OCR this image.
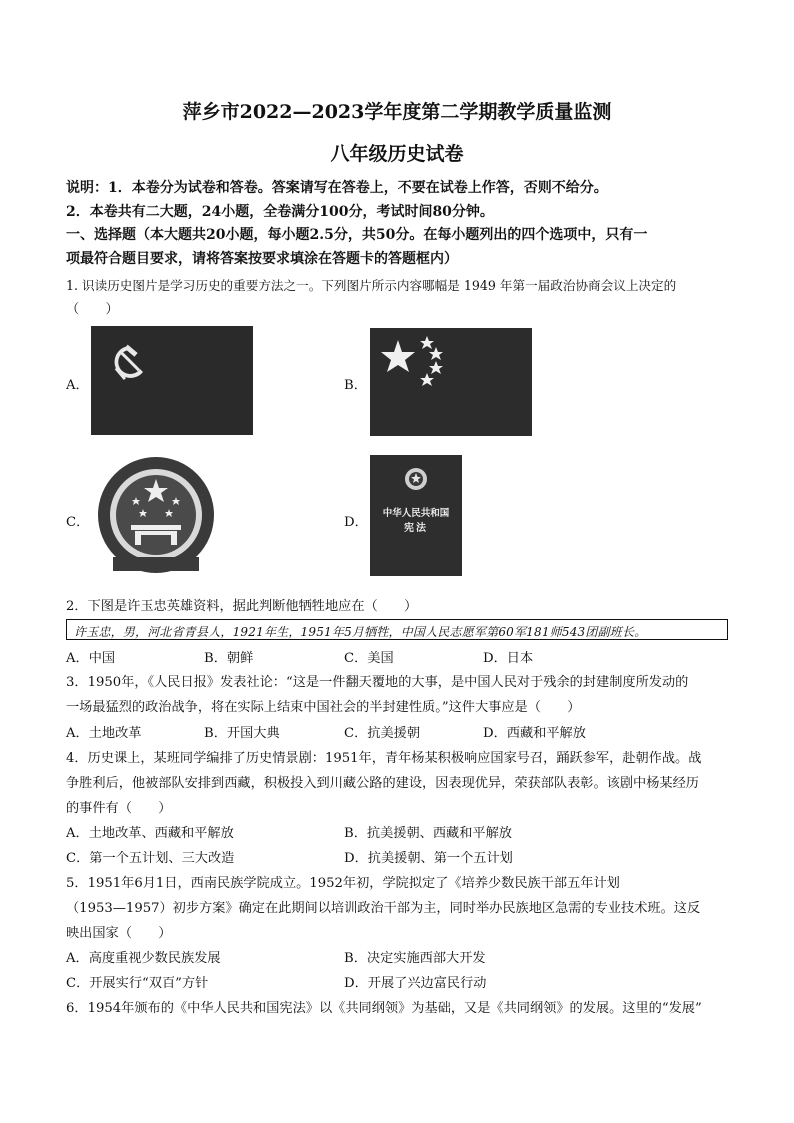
萍乡市2022—2023学年度第二学期教学质量监测
八年级历史试卷
说明：1．本卷分为试卷和答卷。答案请写在答卷上，不要在试卷上作答，否则不给分。
2．本卷共有二大题，24小题，全卷满分100分，考试时间80分钟。
一、选择题（本大题共20小题，每小题2.5分，共50分。在每小题列出的四个选项中，只有一
项最符合题目要求，请将答案按要求填涂在答题卡的答题框内）
1. 识读历史图片是学习历史的重要方法之一。下列图片所示内容哪幅是 1949 年第一届政治协商会议上决定的
（　　）
A．	B．
C．	D．
中华人民共和国
宪法
2．下图是许玉忠英雄资料，据此判断他牺牲地应在（　　）
许玉忠，男，河北省青县人，1921年生，1951年5月牺牲，中国人民志愿军第60军181师543团副班长。
A．中国	B．朝鲜	C．美国	D．日本
3．1950年，《人民日报》发表社论：“这是一件翻天覆地的大事，是中国人民对于残余的封建制度所发动的
一场最猛烈的政治战争，将在实际上结束中国社会的半封建性质。”这件大事应是（　　）
A．土地改革	B．开国大典	C．抗美援朝	D．西藏和平解放
4．历史课上，某班同学编排了历史情景剧：1951年，青年杨某积极响应国家号召，踊跃参军，赴朝作战。战
争胜利后，他被部队安排到西藏，积极投入到川藏公路的建设，因表现优异，荣获部队表彰。该剧中杨某经历
的事件有（　　）
A．土地改革、西藏和平解放	B．抗美援朝、西藏和平解放
C．第一个五计划、三大改造	D．抗美援朝、第一个五计划
5．1951年6月1日，西南民族学院成立。1952年初，学院拟定了《培养少数民族干部五年计划
（1953—1957）初步方案》确定在此期间以培训政治干部为主，同时举办民族地区急需的专业技术班。这反
映出国家（　　）
A．高度重视少数民族发展	B．决定实施西部大开发
C．开展实行“双百”方针	D．开展了兴边富民行动
6．1954年颁布的《中华人民共和国宪法》以《共同纲领》为基础，又是《共同纲领》的发展。这里的“发展”
